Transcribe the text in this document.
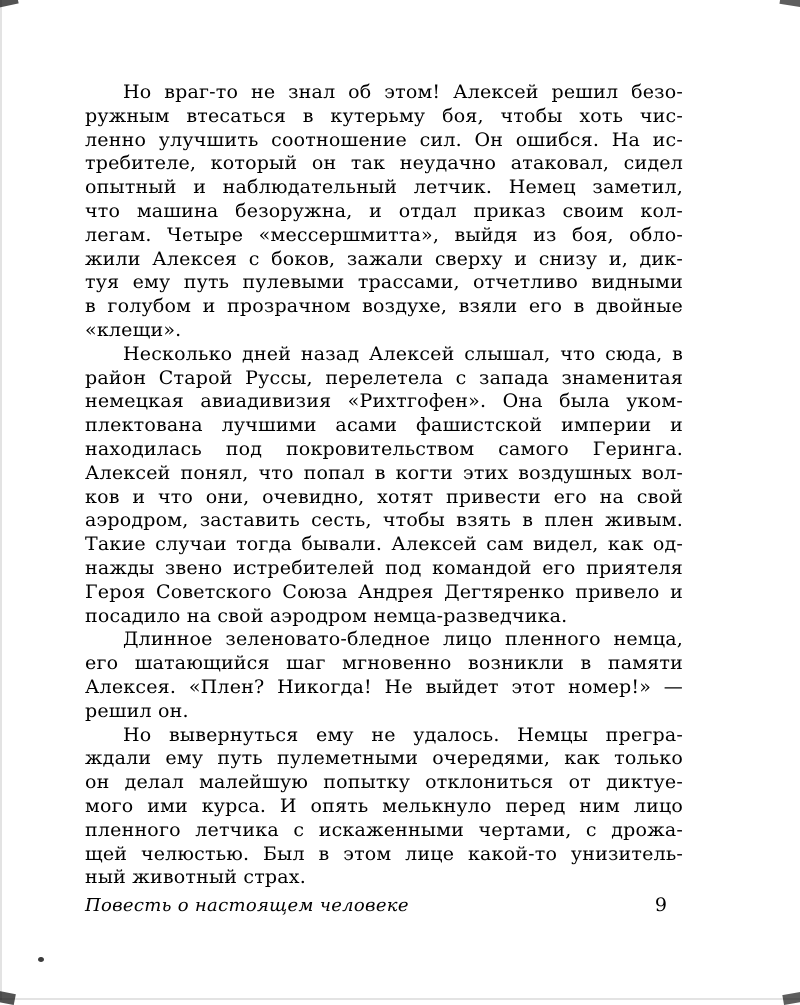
Но враг-то не знал об этом! Алексей решил безо-
ружным втесаться в кутерьму боя, чтобы хоть чис-
ленно улучшить соотношение сил. Он ошибся. На ис-
требителе, который он так неудачно атаковал, сидел
опытный и наблюдательный летчик. Немец заметил,
что машина безоружна, и отдал приказ своим кол-
легам. Четыре «мессершмитта», выйдя из боя, обло-
жили Алексея с боков, зажали сверху и снизу и, дик-
туя ему путь пулевыми трассами, отчетливо видными
в голубом и прозрачном воздухе, взяли его в двойные
«клещи».
Несколько дней назад Алексей слышал, что сюда, в
район Старой Руссы, перелетела с запада знаменитая
немецкая авиадивизия «Рихтгофен». Она была уком-
плектована лучшими асами фашистской империи и
находилась под покровительством самого Геринга.
Алексей понял, что попал в когти этих воздушных вол-
ков и что они, очевидно, хотят привести его на свой
аэродром, заставить сесть, чтобы взять в плен живым.
Такие случаи тогда бывали. Алексей сам видел, как од-
нажды звено истребителей под командой его приятеля
Героя Советского Союза Андрея Дегтяренко привело и
посадило на свой аэродром немца-разведчика.
Длинное зеленовато-бледное лицо пленного немца,
его шатающийся шаг мгновенно возникли в памяти
Алексея. «Плен? Никогда! Не выйдет этот номер!» —
решил он.
Но вывернуться ему не удалось. Немцы прегра-
ждали ему путь пулеметными очередями, как только
он делал малейшую попытку отклониться от диктуе-
мого ими курса. И опять мелькнуло перед ним лицо
пленного летчика с искаженными чертами, с дрожа-
щей челюстью. Был в этом лице какой-то унизитель-
ный животный страх.
Повесть о настоящем человеке	9
